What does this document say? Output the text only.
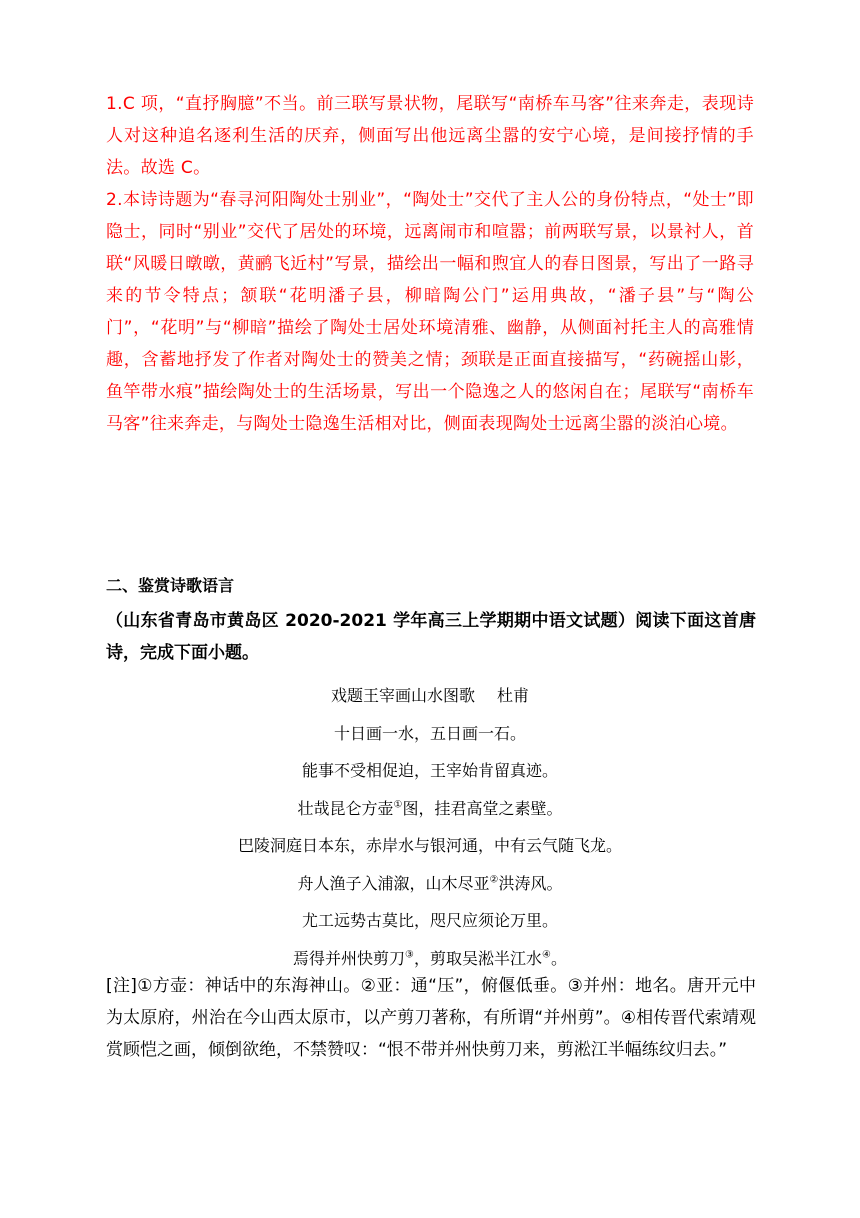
1.C 项，“直抒胸臆”不当。前三联写景状物，尾联写“南桥车马客”往来奔走，表现诗人对这种追名逐利生活的厌弃，侧面写出他远离尘嚣的安宁心境，是间接抒情的手法。故选 C。

2.本诗诗题为“春寻河阳陶处士别业”，“陶处士”交代了主人公的身份特点，“处士”即隐士，同时“别业”交代了居处的环境，远离闹市和喧嚣；前两联写景，以景衬人，首联“风暖日暾暾，黄鹂飞近村”写景，描绘出一幅和煦宜人的春日图景，写出了一路寻来的节令特点；颔联“花明潘子县，柳暗陶公门”运用典故，“潘子县”与“陶公门”，“花明”与“柳暗”描绘了陶处士居处环境清雅、幽静，从侧面衬托主人的高雅情趣，含蓄地抒发了作者对陶处士的赞美之情；颈联是正面直接描写，“药碗摇山影，鱼竿带水痕”描绘陶处士的生活场景，写出一个隐逸之人的悠闲自在；尾联写“南桥车马客”往来奔走，与陶处士隐逸生活相对比，侧面表现陶处士远离尘嚣的淡泊心境。

二、鉴赏诗歌语言
（山东省青岛市黄岛区 2020-2021 学年高三上学期期中语文试题）阅读下面这首唐诗，完成下面小题。
戏题王宰画山水图歌 杜甫
十日画一水，五日画一石。
能事不受相促迫，王宰始肯留真迹。
壮哉昆仑方壶①图，挂君高堂之素壁。
巴陵洞庭日本东，赤岸水与银河通，中有云气随飞龙。
舟人渔子入浦溆，山木尽亚②洪涛风。
尤工远势古莫比，咫尺应须论万里。
焉得并州快剪刀③，剪取吴淞半江水④。

[注]①方壶：神话中的东海神山。②亚：通“压”，俯偃低垂。③并州：地名。唐开元中为太原府，州治在今山西太原市，以产剪刀著称，有所谓“并州剪”。④相传晋代索靖观赏顾恺之画，倾倒欲绝，不禁赞叹：“恨不带并州快剪刀来，剪淞江半幅练纹归去。”
